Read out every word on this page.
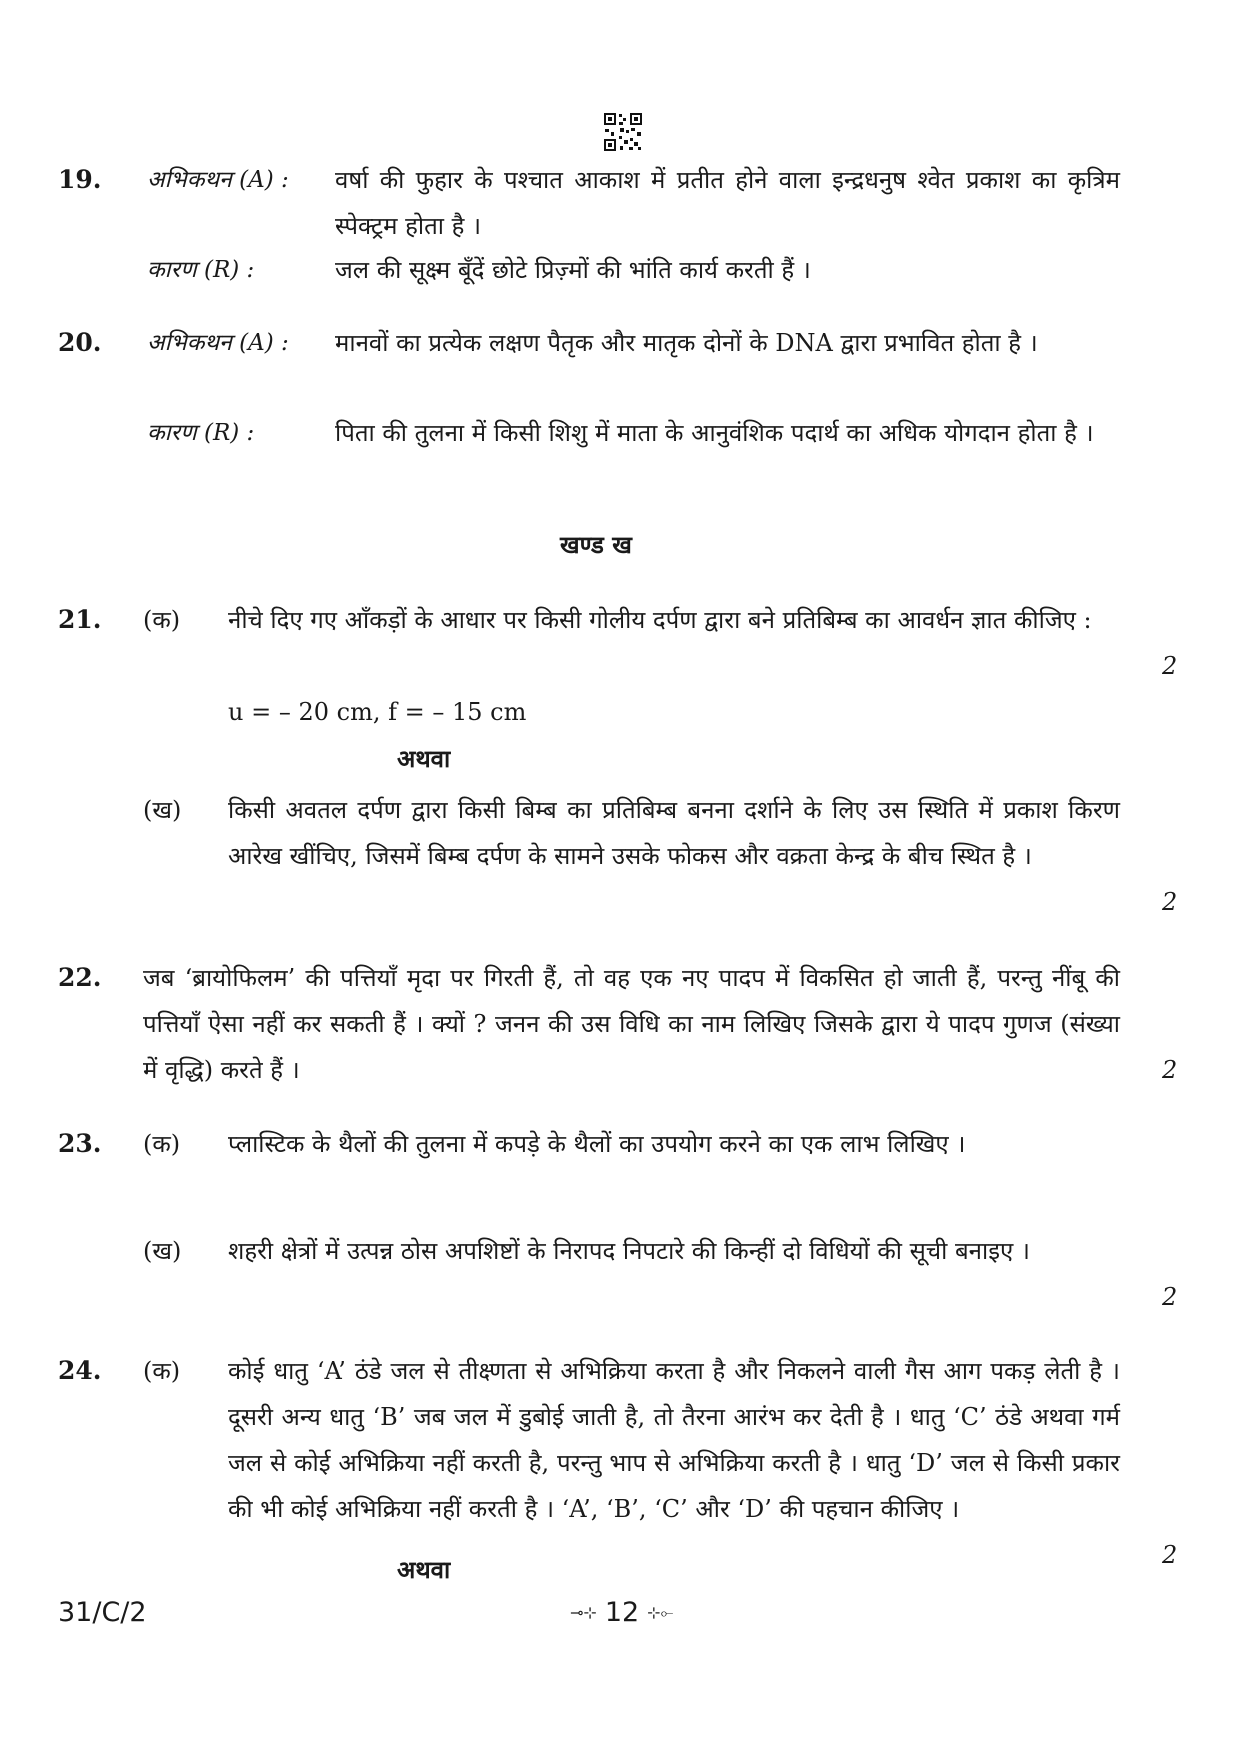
19. अभिकथन (A) : वर्षा की फुहार के पश्चात आकाश में प्रतीत होने वाला इन्द्रधनुष श्वेत प्रकाश का कृत्रिम स्पेक्ट्रम होता है ।
कारण (R) :	जल की सूक्ष्म बूँदें छोटे प्रिज़्मों की भांति कार्य करती हैं ।
20. अभिकथन (A) : मानवों का प्रत्येक लक्षण पैतृक और मातृक दोनों के DNA द्वारा प्रभावित होता है ।
कारण (R) :	पिता की तुलना में किसी शिशु में माता के आनुवंशिक पदार्थ का अधिक योगदान होता है ।
खण्ड ख
21. (क) नीचे दिए गए आँकड़ों के आधार पर किसी गोलीय दर्पण द्वारा बने प्रतिबिम्ब का आवर्धन ज्ञात कीजिए :
2
u = – 20 cm, f = – 15 cm
अथवा
(ख) किसी अवतल दर्पण द्वारा किसी बिम्ब का प्रतिबिम्ब बनना दर्शाने के लिए उस स्थिति में प्रकाश किरण आरेख खींचिए, जिसमें बिम्ब दर्पण के सामने उसके फोकस और वक्रता केन्द्र के बीच स्थित है ।
2
22. जब ‘ब्रायोफिलम’ की पत्तियाँ मृदा पर गिरती हैं, तो वह एक नए पादप में विकसित हो जाती हैं, परन्तु नींबू की पत्तियाँ ऐसा नहीं कर सकती हैं । क्यों ? जनन की उस विधि का नाम लिखिए जिसके द्वारा ये पादप गुणज (संख्या में वृद्धि) करते हैं ।	2
23. (क) प्लास्टिक के थैलों की तुलना में कपड़े के थैलों का उपयोग करने का एक लाभ लिखिए ।
(ख) शहरी क्षेत्रों में उत्पन्न ठोस अपशिष्टों के निरापद निपटारे की किन्हीं दो विधियों की सूची बनाइए ।
2
24. (क) कोई धातु ‘A’ ठंडे जल से तीक्ष्णता से अभिक्रिया करता है और निकलने वाली गैस आग पकड़ लेती है । दूसरी अन्य धातु ‘B’ जब जल में डुबोई जाती है, तो तैरना आरंभ कर देती है । धातु ‘C’ ठंडे अथवा गर्म जल से कोई अभिक्रिया नहीं करती है, परन्तु भाप से अभिक्रिया करती है । धातु ‘D’ जल से किसी प्रकार की भी कोई अभिक्रिया नहीं करती है । ‘A’, ‘B’, ‘C’ और ‘D’ की पहचान कीजिए ।
2
अथवा
31/C/2	⊸⊹ 12 ⊹⟜
